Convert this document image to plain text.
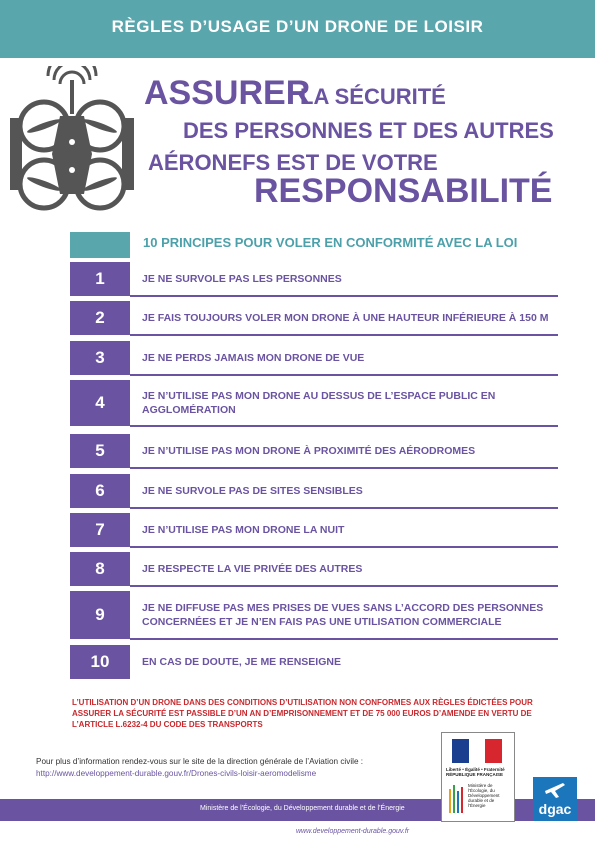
RÈGLES D’USAGE D’UN DRONE DE LOISIR
ASSURER
LA SÉCURITÉ
DES PERSONNES ET DES AUTRES
AÉRONEFS EST DE VOTRE
RESPONSABILITÉ
10 PRINCIPES POUR VOLER EN CONFORMITÉ AVEC LA LOI
1	JE NE SURVOLE PAS LES PERSONNES
2	JE FAIS TOUJOURS VOLER MON DRONE À UNE HAUTEUR INFÉRIEURE À 150 M
3	JE NE PERDS JAMAIS MON DRONE DE VUE
4	JE N’UTILISE PAS MON DRONE AU DESSUS DE L’ESPACE PUBLIC EN AGGLOMÉRATION
5	JE N’UTILISE PAS MON DRONE À PROXIMITÉ DES AÉRODROMES
6	JE NE SURVOLE PAS DE SITES SENSIBLES
7	JE N’UTILISE PAS MON DRONE LA NUIT
8	JE RESPECTE LA VIE PRIVÉE DES AUTRES
9	JE NE DIFFUSE PAS MES PRISES DE VUES SANS L’ACCORD DES PERSONNES CONCERNÉES ET JE N’EN FAIS PAS UNE UTILISATION COMMERCIALE
10	EN CAS DE DOUTE, JE ME RENSEIGNE
L’UTILISATION D’UN DRONE DANS DES CONDITIONS D’UTILISATION NON CONFORMES AUX RÈGLES ÉDICTÉES POUR ASSURER LA SÉCURITÉ EST PASSIBLE D’UN AN D’EMPRISONNEMENT ET DE 75 000 EUROS D’AMENDE EN VERTU DE L’ARTICLE L.6232-4 DU CODE DES TRANSPORTS
Pour plus d’information rendez-vous sur le site de la direction générale de l’Aviation civile :
http://www.developpement-durable.gouv.fr/Drones-civils-loisir-aeromodelisme
Ministère de l’Écologie, du Développement durable et de l’Énergie
www.developpement-durable.gouv.fr
Liberté • Égalité • Fraternité RÉPUBLIQUE FRANÇAISE
Ministère de l’Écologie, du Développement durable et de l’Énergie	dgac
